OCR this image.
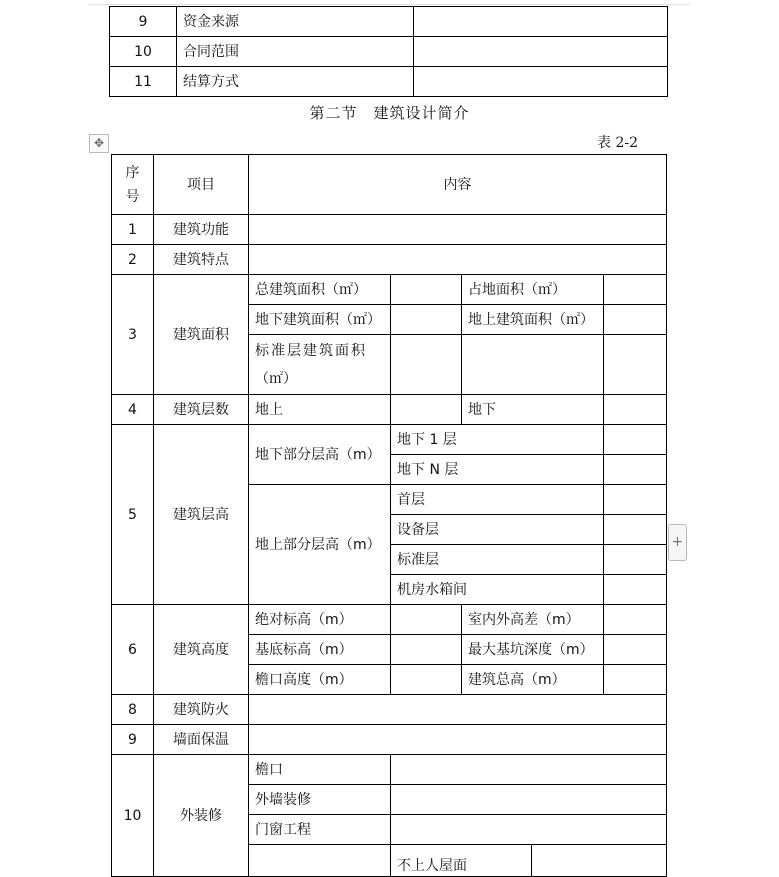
9	资金来源	
10	合同范围	
11	结算方式	
第二节　建筑设计简介
表 2-2
✥
序
号	项目	内容				
1	建筑功能					
2	建筑特点					
3	建筑面积	总建筑面积（㎡）		占地面积（㎡）		
		地下建筑面积（㎡）		地上建筑面积（㎡）		

		标准层建筑面积
（㎡）				

4	建筑层数	地上		地下		
5	建筑层高	地下部分层高（m）	地下 1 层			
			地下 N 层			
		地上部分层高（m）	首层			
			设备层			
			标准层			
			机房水箱间			
6	建筑高度	绝对标高（m）		室内外高差（m）		
		基底标高（m）		最大基坑深度（m）		
		檐口高度（m）		建筑总高（m）		
8	建筑防火					
9	墙面保温					
10	外装修	檐口				
		外墙装修				
		门窗工程				
			不上人屋面			
+
